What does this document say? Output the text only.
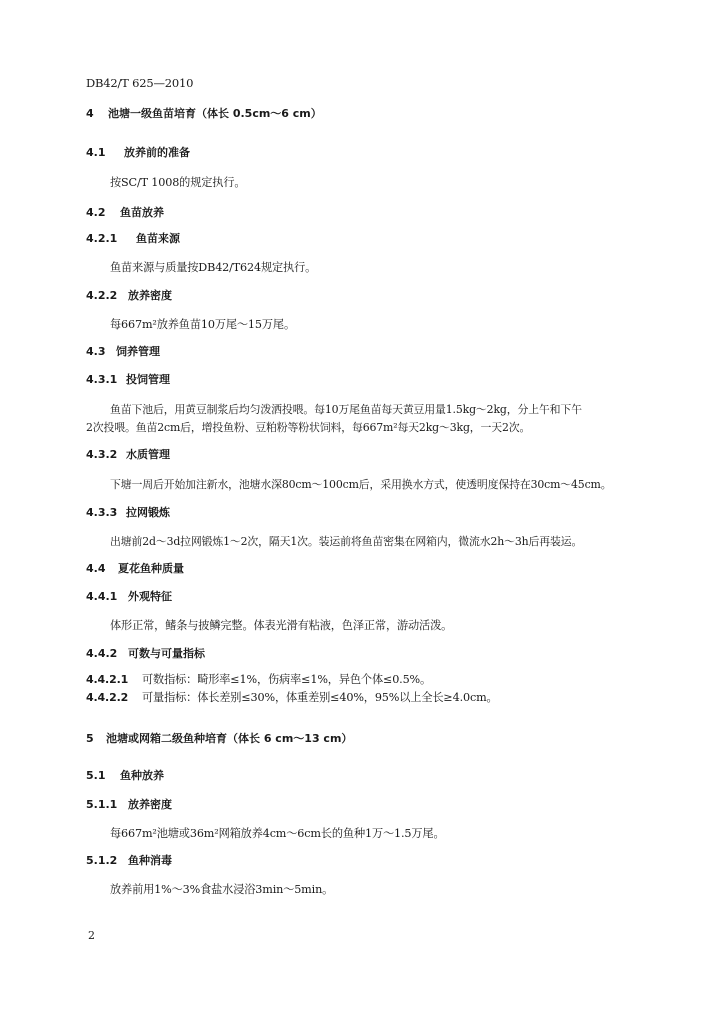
DB42/T 625—2010
4 池塘一级鱼苗培育（体长 0.5cm～6 cm）
4.1 放养前的准备
按SC/T 1008的规定执行。
4.2 鱼苗放养
4.2.1 鱼苗来源
鱼苗来源与质量按DB42/T624规定执行。
4.2.2 放养密度
每667m²放养鱼苗10万尾～15万尾。
4.3 饲养管理
4.3.1 投饲管理
鱼苗下池后，用黄豆制浆后均匀泼洒投喂。每10万尾鱼苗每天黄豆用量1.5kg～2kg，分上午和下午
2次投喂。鱼苗2cm后，增投鱼粉、豆粕粉等粉状饲料，每667m²每天2kg～3kg，一天2次。
4.3.2 水质管理
下塘一周后开始加注新水，池塘水深80cm～100cm后，采用换水方式，使透明度保持在30cm～45cm。
4.3.3 拉网锻炼
出塘前2d～3d拉网锻炼1～2次，隔天1次。装运前将鱼苗密集在网箱内，微流水2h～3h后再装运。
4.4 夏花鱼种质量
4.4.1 外观特征
体形正常，鳍条与披鳞完整。体表光滑有粘液，色泽正常，游动活泼。
4.4.2 可数与可量指标
4.4.2.1 可数指标：畸形率≤1%，伤病率≤1%，异色个体≤0.5%。
4.4.2.2 可量指标：体长差别≤30%，体重差别≤40%，95%以上全长≥4.0cm。
5 池塘或网箱二级鱼种培育（体长 6 cm～13 cm）
5.1 鱼种放养
5.1.1 放养密度
每667m²池塘或36m²网箱放养4cm～6cm长的鱼种1万～1.5万尾。
5.1.2 鱼种消毒
放养前用1%～3%食盐水浸浴3min～5min。
2
